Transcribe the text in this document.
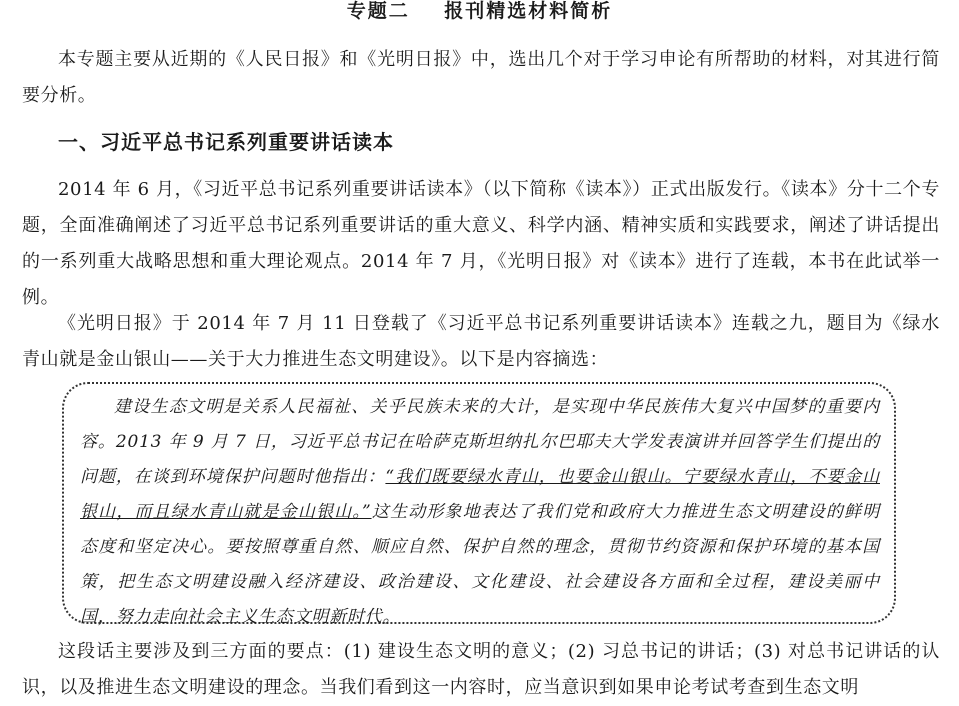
专题二    报刊精选材料简析
本专题主要从近期的《人民日报》和《光明日报》中，选出几个对于学习申论有所帮助的材料，对其进行简要分析。
一、习近平总书记系列重要讲话读本
2014 年 6 月，《习近平总书记系列重要讲话读本》（以下简称《读本》）正式出版发行。《读本》分十二个专题，全面准确阐述了习近平总书记系列重要讲话的重大意义、科学内涵、精神实质和实践要求，阐述了讲话提出的一系列重大战略思想和重大理论观点。2014 年 7 月，《光明日报》对《读本》进行了连载，本书在此试举一例。
《光明日报》于 2014 年 7 月 11 日登载了《习近平总书记系列重要讲话读本》连载之九，题目为《绿水青山就是金山银山——关于大力推进生态文明建设》。以下是内容摘选：
建设生态文明是关系人民福祉、关乎民族未来的大计，是实现中华民族伟大复兴中国梦的重要内容。2013 年 9 月 7 日，习近平总书记在哈萨克斯坦纳扎尔巴耶夫大学发表演讲并回答学生们提出的问题，在谈到环境保护问题时他指出：“我们既要绿水青山，也要金山银山。宁要绿水青山，不要金山银山，而且绿水青山就是金山银山。”这生动形象地表达了我们党和政府大力推进生态文明建设的鲜明态度和坚定决心。要按照尊重自然、顺应自然、保护自然的理念，贯彻节约资源和保护环境的基本国策，把生态文明建设融入经济建设、政治建设、文化建设、社会建设各方面和全过程，建设美丽中国，努力走向社会主义生态文明新时代。
这段话主要涉及到三方面的要点：(1) 建设生态文明的意义；(2) 习总书记的讲话；(3) 对总书记讲话的认识，以及推进生态文明建设的理念。当我们看到这一内容时，应当意识到如果申论考试考查到生态文明
